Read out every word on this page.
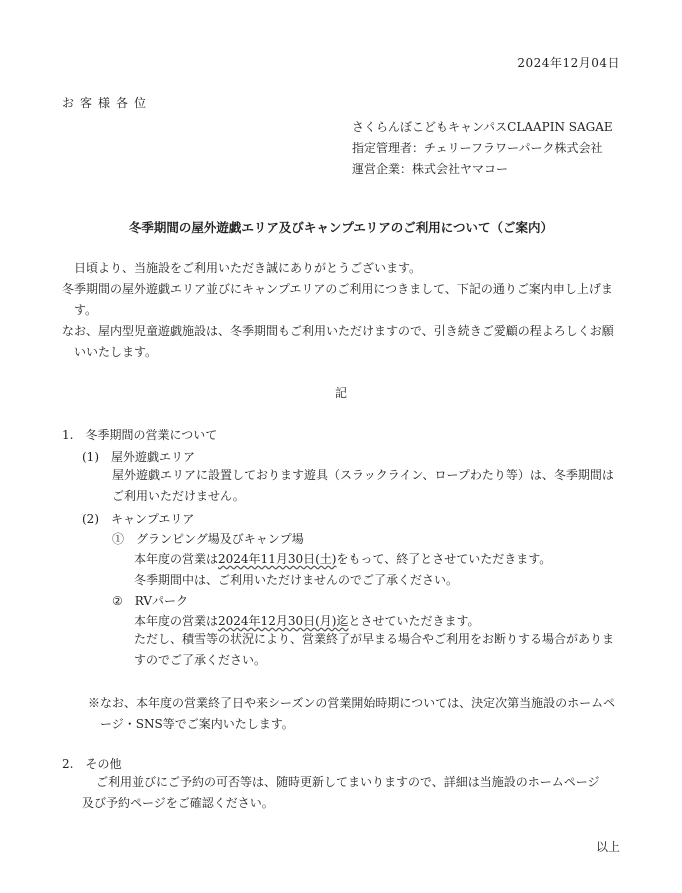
2024年12月04日
お客様各位
さくらんぼこどもキャンパスCLAAPIN SAGAE
指定管理者：チェリーフラワーパーク株式会社
運営企業：株式会社ヤマコー
冬季期間の屋外遊戯エリア及びキャンプエリアのご利用について（ご案内）
日頃より、当施設をご利用いただき誠にありがとうございます。
冬季期間の屋外遊戯エリア並びにキャンプエリアのご利用につきまして、下記の通りご案内申し上げます。
なお、屋内型児童遊戯施設は、冬季期間もご利用いただけますので、引き続きご愛顧の程よろしくお願いいたします。
記
1.　冬季期間の営業について
(1)　屋外遊戯エリア
屋外遊戯エリアに設置しております遊具（スラックライン、ロープわたり等）は、冬季期間はご利用いただけません。
(2)　キャンプエリア
①　グランピング場及びキャンプ場
本年度の営業は2024年11月30日(土)をもって、終了とさせていただきます。
冬季期間中は、ご利用いただけませんのでご了承ください。
②　RVパーク
本年度の営業は2024年12月30日(月)迄とさせていただきます。
ただし、積雪等の状況により、営業終了が早まる場合やご利用をお断りする場合がありますのでご了承ください。
※なお、本年度の営業終了日や来シーズンの営業開始時期については、決定次第当施設のホームページ・SNS等でご案内いたします。
2.　その他
ご利用並びにご予約の可否等は、随時更新してまいりますので、詳細は当施設のホームページ及び予約ページをご確認ください。
以上
